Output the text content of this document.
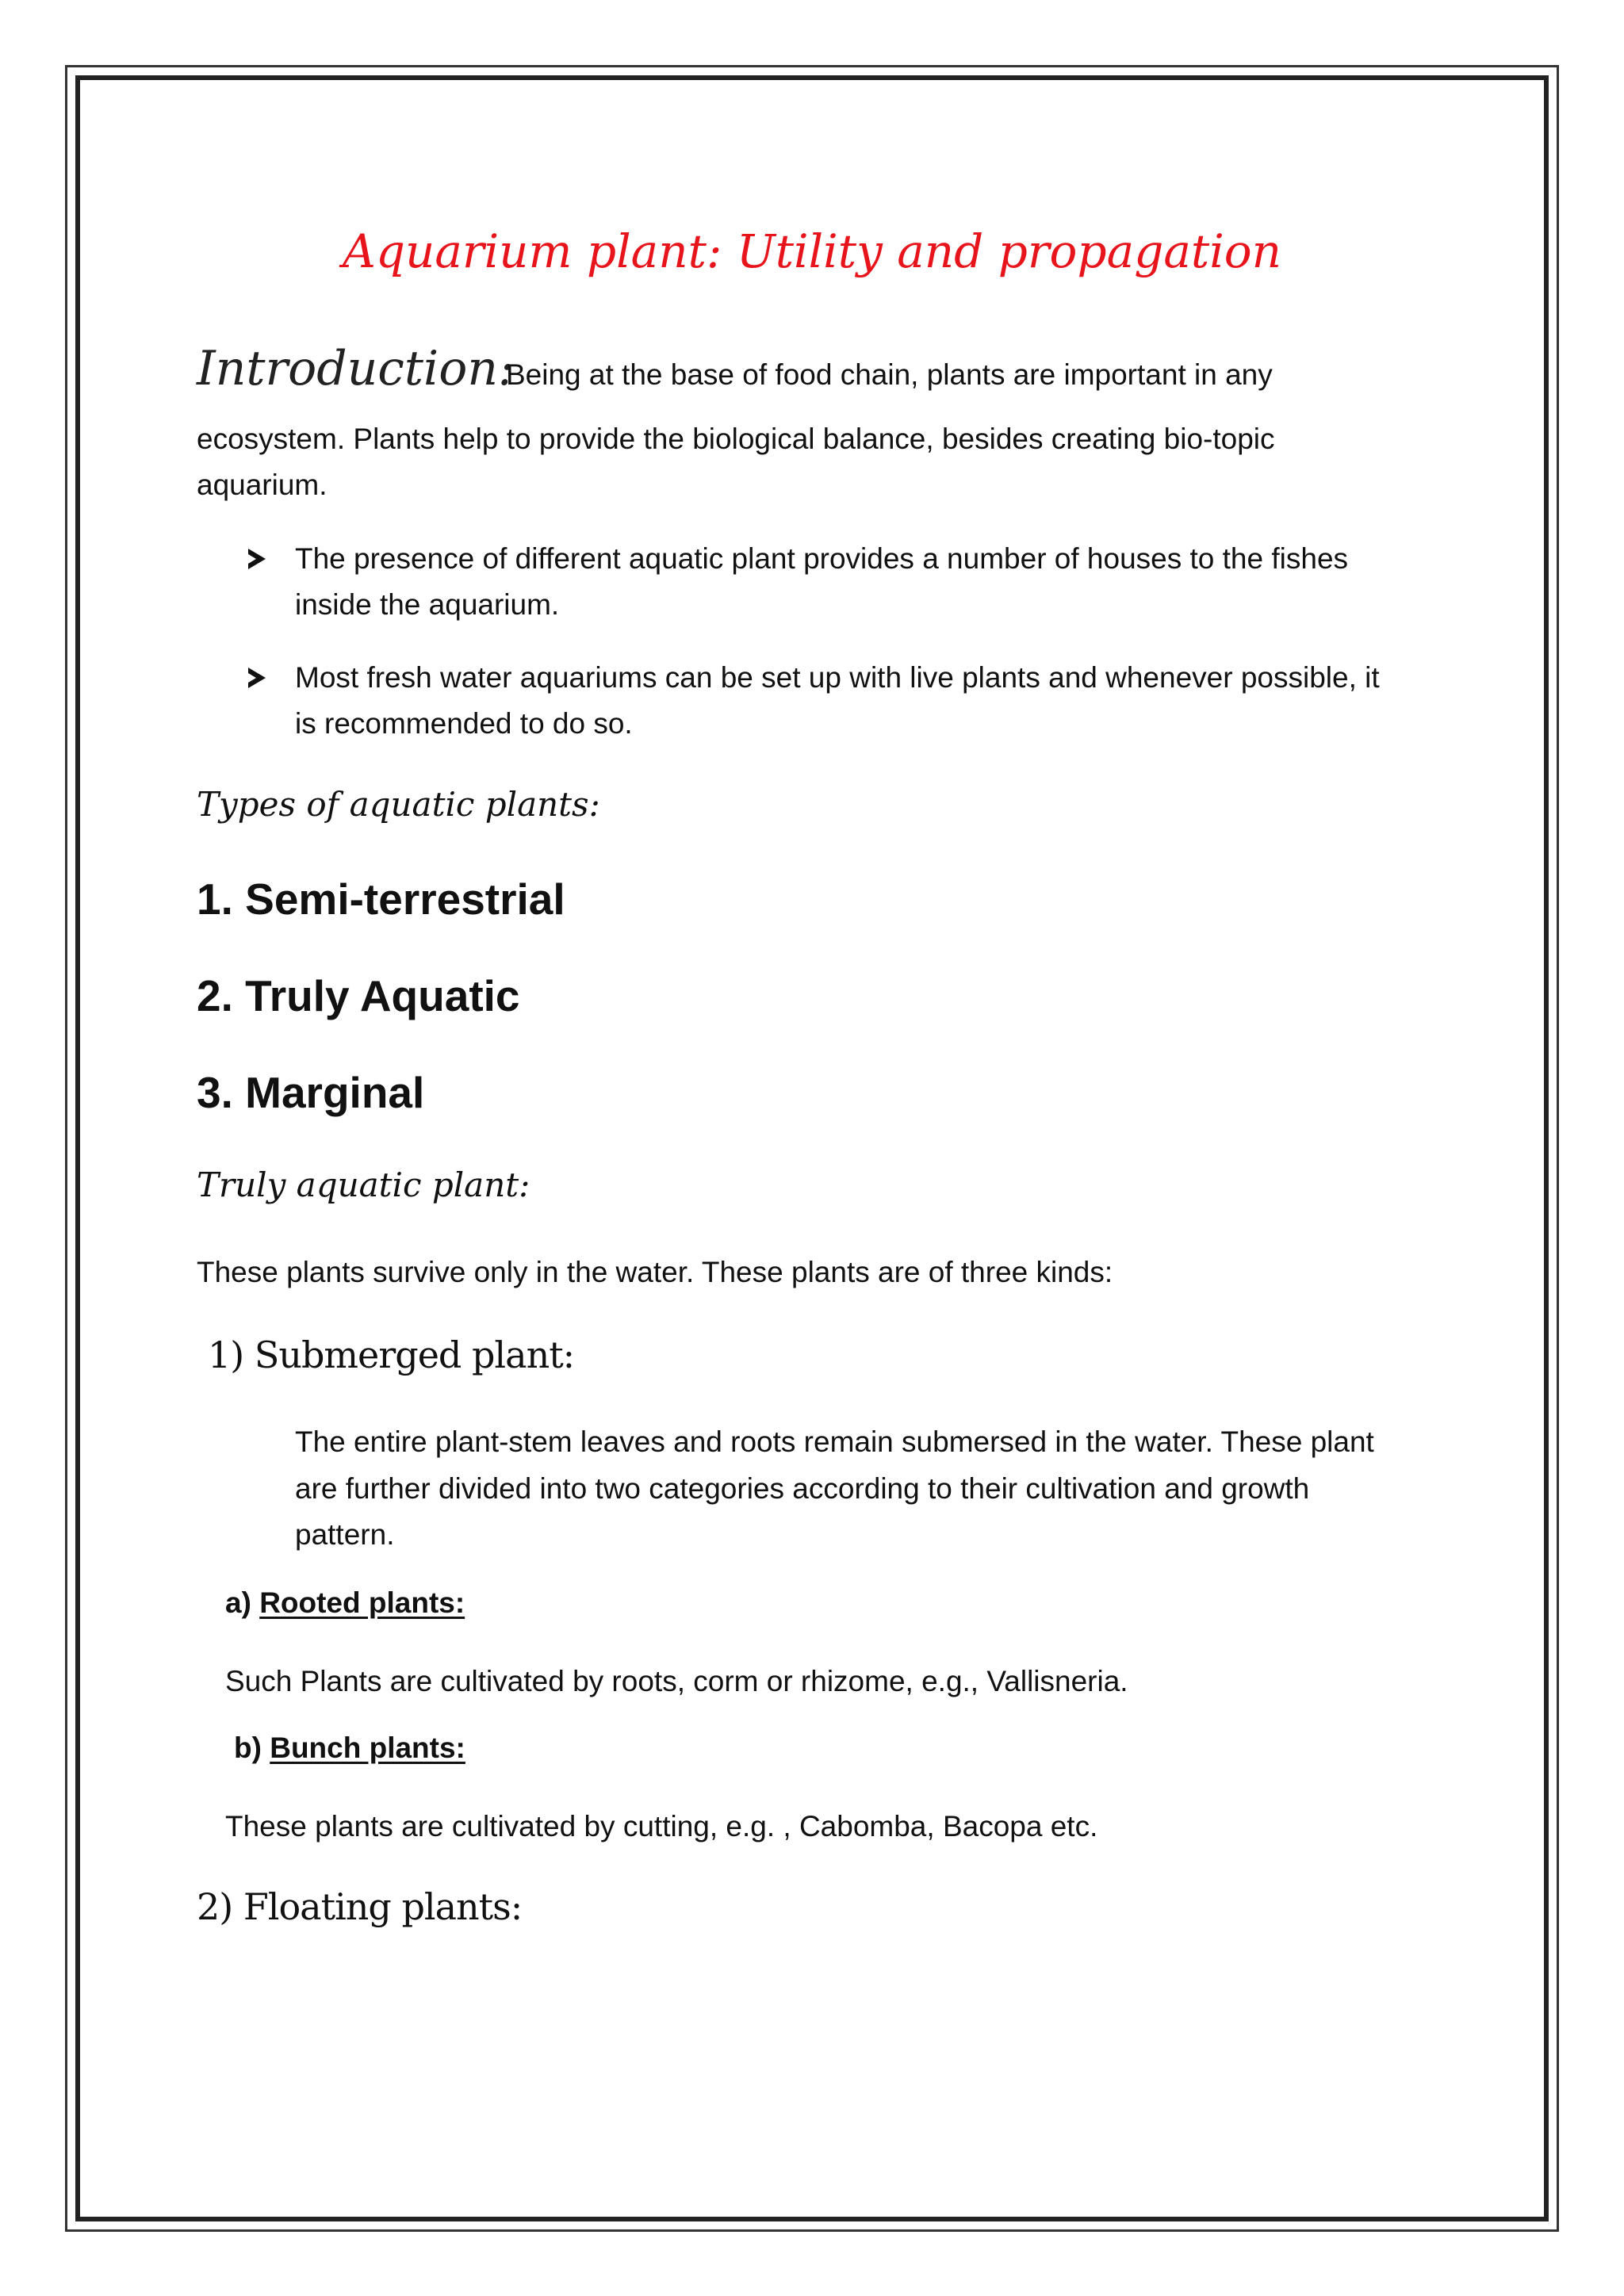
Aquarium plant: Utility and propagation
Introduction:
Being at the base of food chain, plants are important in any
ecosystem. Plants help to provide the biological balance, besides creating bio-topic
aquarium.
The presence of different aquatic plant provides a number of houses to the fishes
inside the aquarium.
Most fresh water aquariums can be set up with live plants and whenever possible, it
is recommended to do so.
Types of aquatic plants:
1. Semi-terrestrial
2. Truly Aquatic
3. Marginal
Truly aquatic plant:
These plants survive only in the water. These plants are of three kinds:
1) Submerged plant:
The entire plant-stem leaves and roots remain submersed in the water. These plant
are further divided into two categories according to their cultivation and growth
pattern.
a) Rooted plants:
Such Plants are cultivated by roots, corm or rhizome, e.g., Vallisneria.
b) Bunch plants:
These plants are cultivated by cutting, e.g. , Cabomba, Bacopa etc.
2) Floating plants:
